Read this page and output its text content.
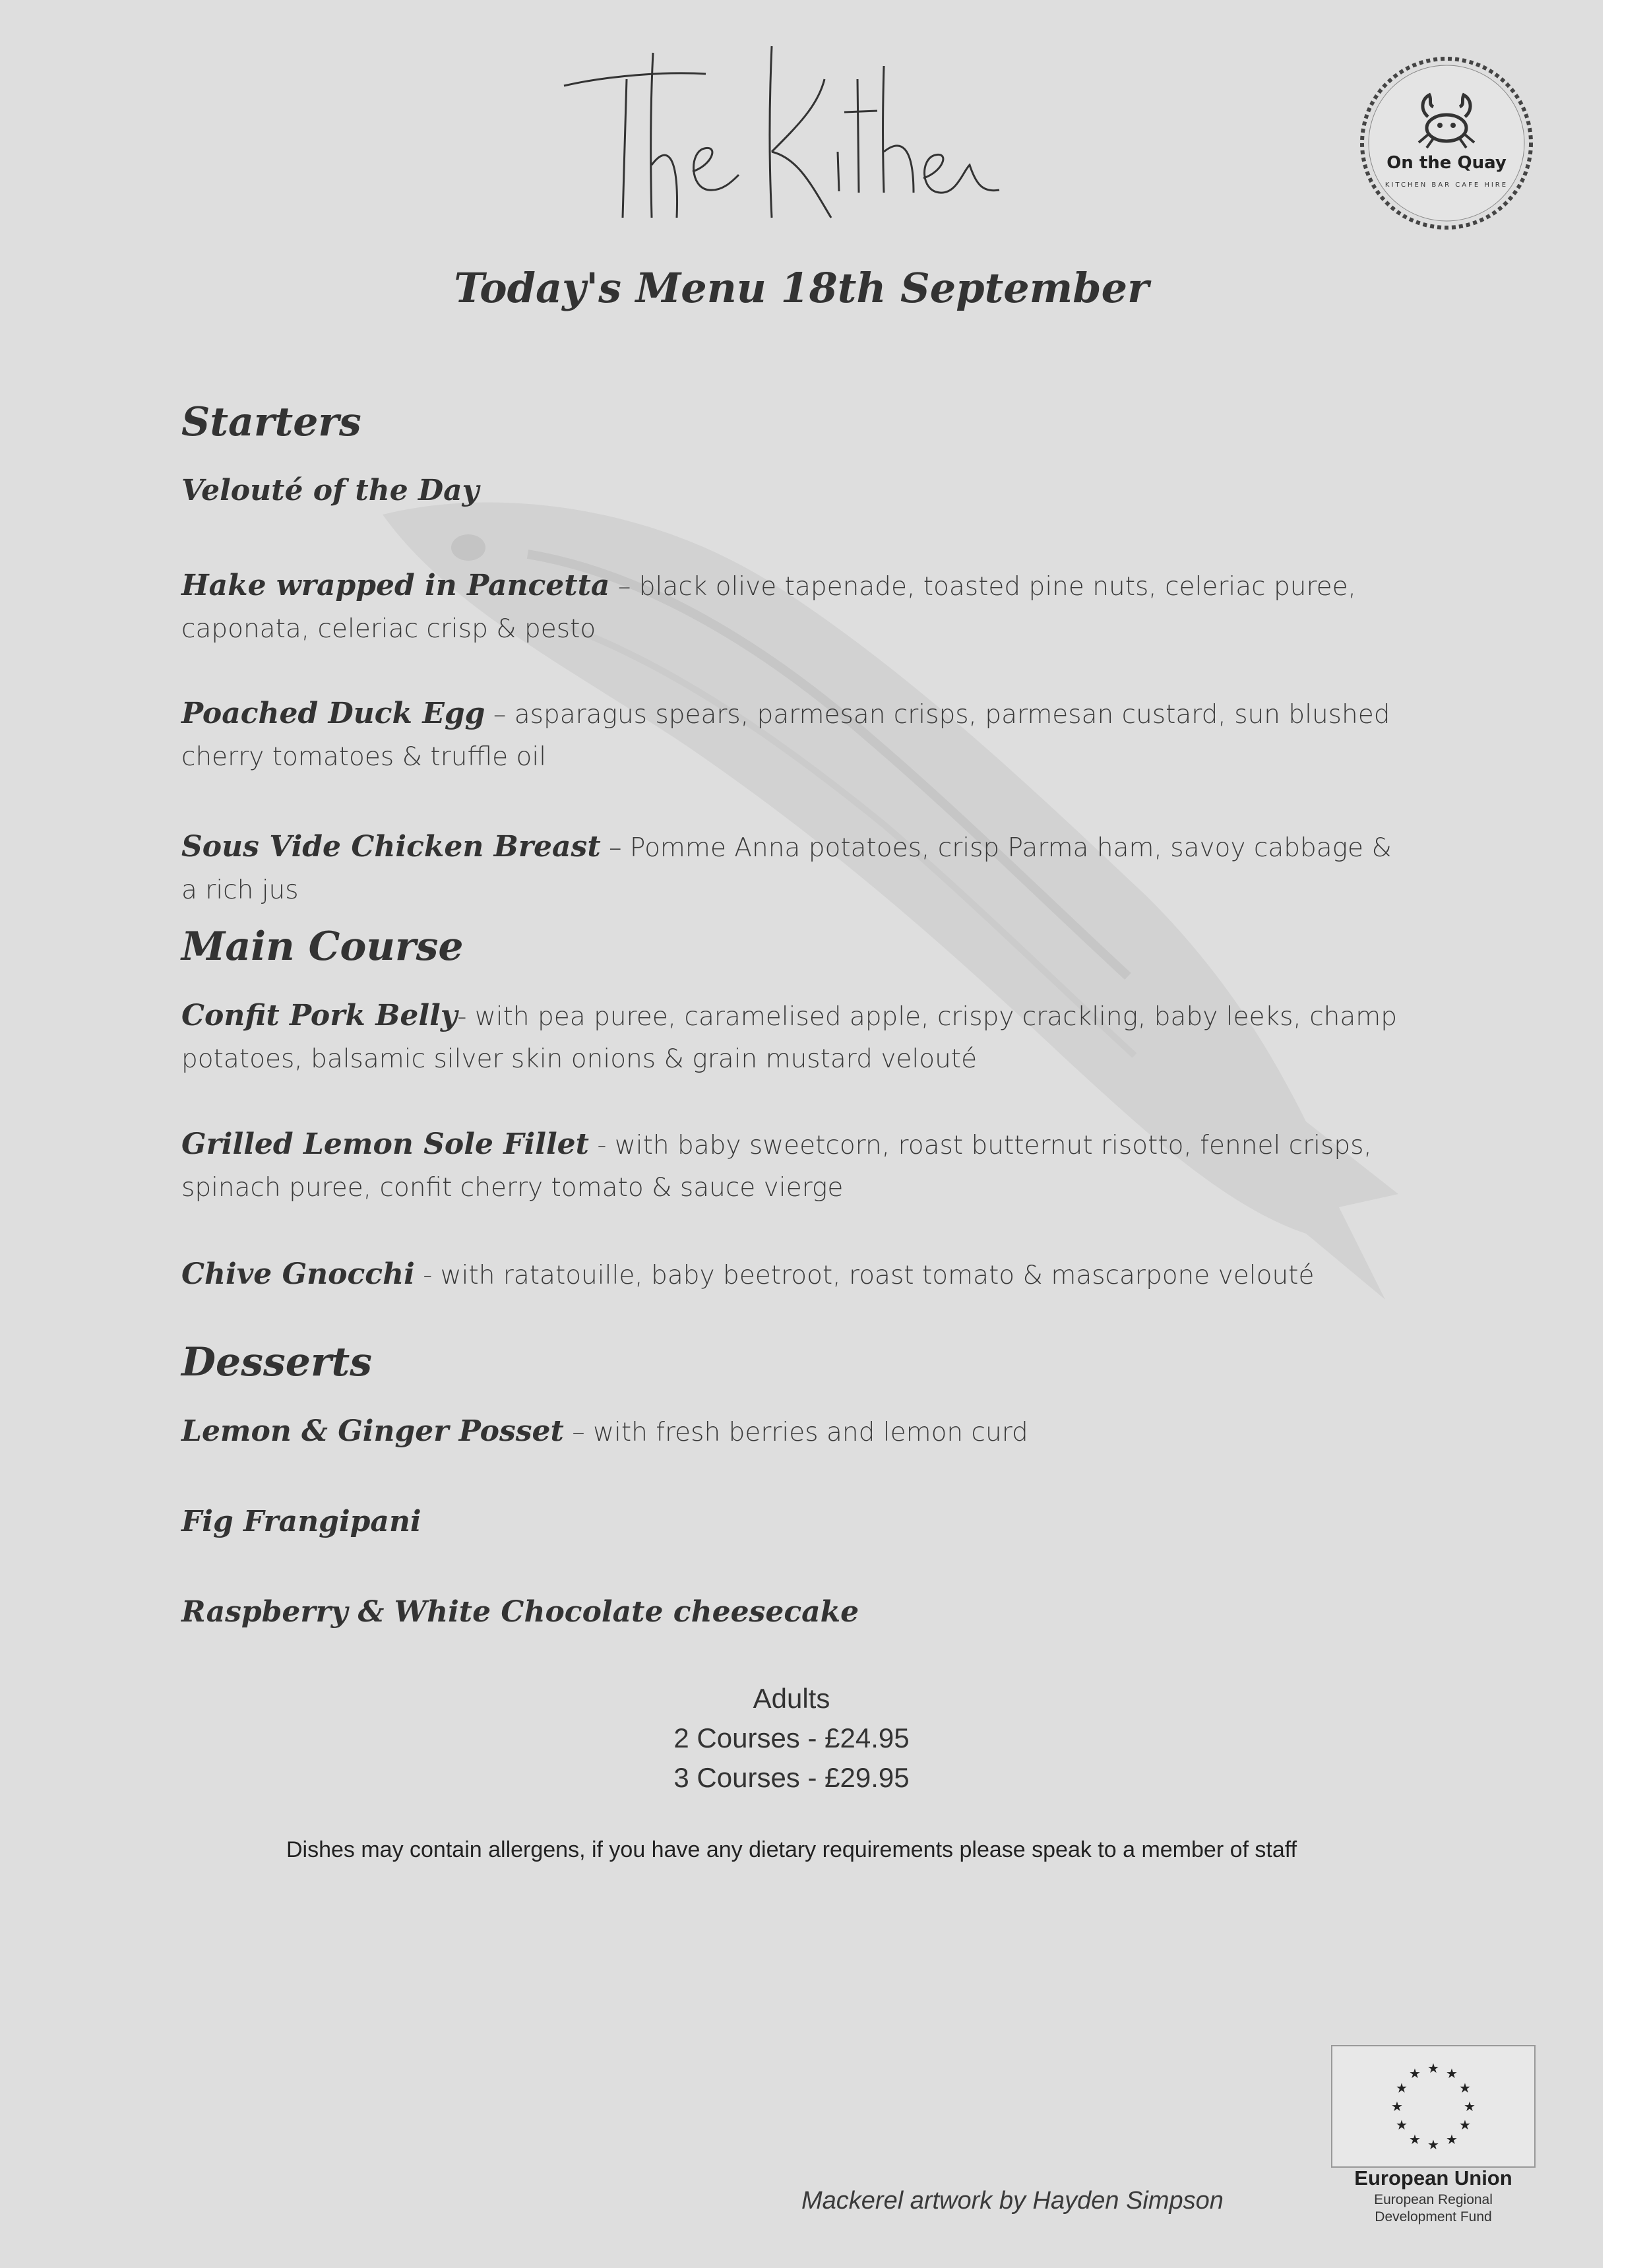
Today's Menu 18th September
On the Quay
KITCHEN BAR CAFE HIRE
Starters
Velouté of the Day
Hake wrapped in Pancetta – black olive tapenade, toasted pine nuts, celeriac puree, caponata, celeriac crisp & pesto
Poached Duck Egg – asparagus spears, parmesan crisps, parmesan custard, sun blushed cherry tomatoes & truffle oil
Sous Vide Chicken Breast – Pomme Anna potatoes, crisp Parma ham, savoy cabbage & a rich jus
Main Course
Confit Pork Belly- with pea puree, caramelised apple, crispy crackling, baby leeks, champ potatoes, balsamic silver skin onions & grain mustard velouté
Grilled Lemon Sole Fillet - with baby sweetcorn, roast butternut risotto, fennel crisps, spinach puree, confit cherry tomato & sauce vierge
Chive Gnocchi - with ratatouille, baby beetroot, roast tomato & mascarpone velouté
Desserts
Lemon & Ginger Posset – with fresh berries and lemon curd
Fig Frangipani
Raspberry & White Chocolate cheesecake
Adults
2 Courses - £24.95
3 Courses - £29.95
Dishes may contain allergens, if you have any dietary requirements please speak to a member of staff
Mackerel artwork by Hayden Simpson
★ ★
★
★
★
★
★
★
★
★
★
★
European Union
European Regional
Development Fund
